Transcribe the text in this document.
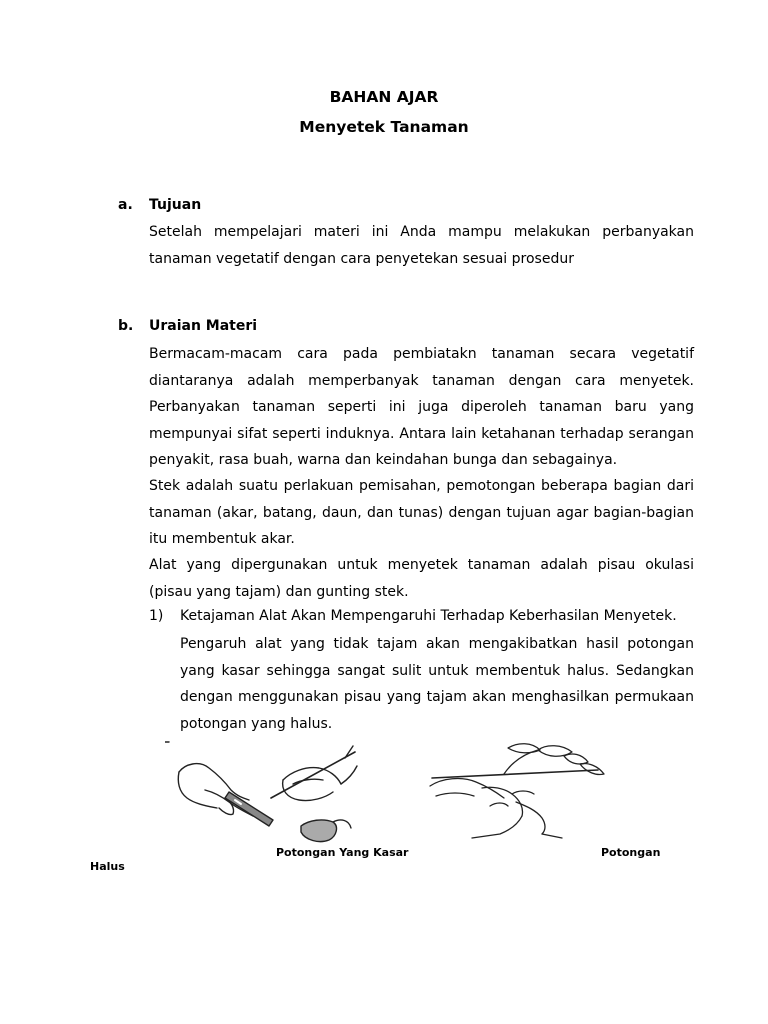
BAHAN AJAR
Menyetek Tanaman
a. Tujuan

Setelah mempelajari materi ini Anda mampu melakukan perbanyakan tanaman vegetatif dengan cara penyetekan sesuai prosedur

b. Uraian Materi

Bermacam-macam cara pada pembiatakn tanaman secara vegetatif diantaranya adalah memperbanyak tanaman dengan cara menyetek. Perbanyakan tanaman seperti ini juga diperoleh tanaman baru yang mempunyai sifat seperti induknya. Antara lain ketahanan terhadap serangan penyakit, rasa buah, warna dan keindahan bunga dan sebagainya.

Stek adalah suatu perlakuan pemisahan, pemotongan beberapa bagian dari tanaman (akar, batang, daun, dan tunas) dengan tujuan agar bagian-bagian itu membentuk akar.

Alat yang dipergunakan untuk menyetek tanaman adalah pisau okulasi (pisau yang tajam) dan gunting stek.

1) Ketajaman Alat Akan Mempengaruhi Terhadap Keberhasilan Menyetek.

Pengaruh alat yang tidak tajam akan mengakibatkan hasil potongan yang kasar sehingga sangat sulit untuk membentuk halus. Sedangkan dengan menggunakan pisau yang tajam akan menghasilkan permukaan potongan yang halus.

Potongan Yang Kasar	Potongan
Halus
